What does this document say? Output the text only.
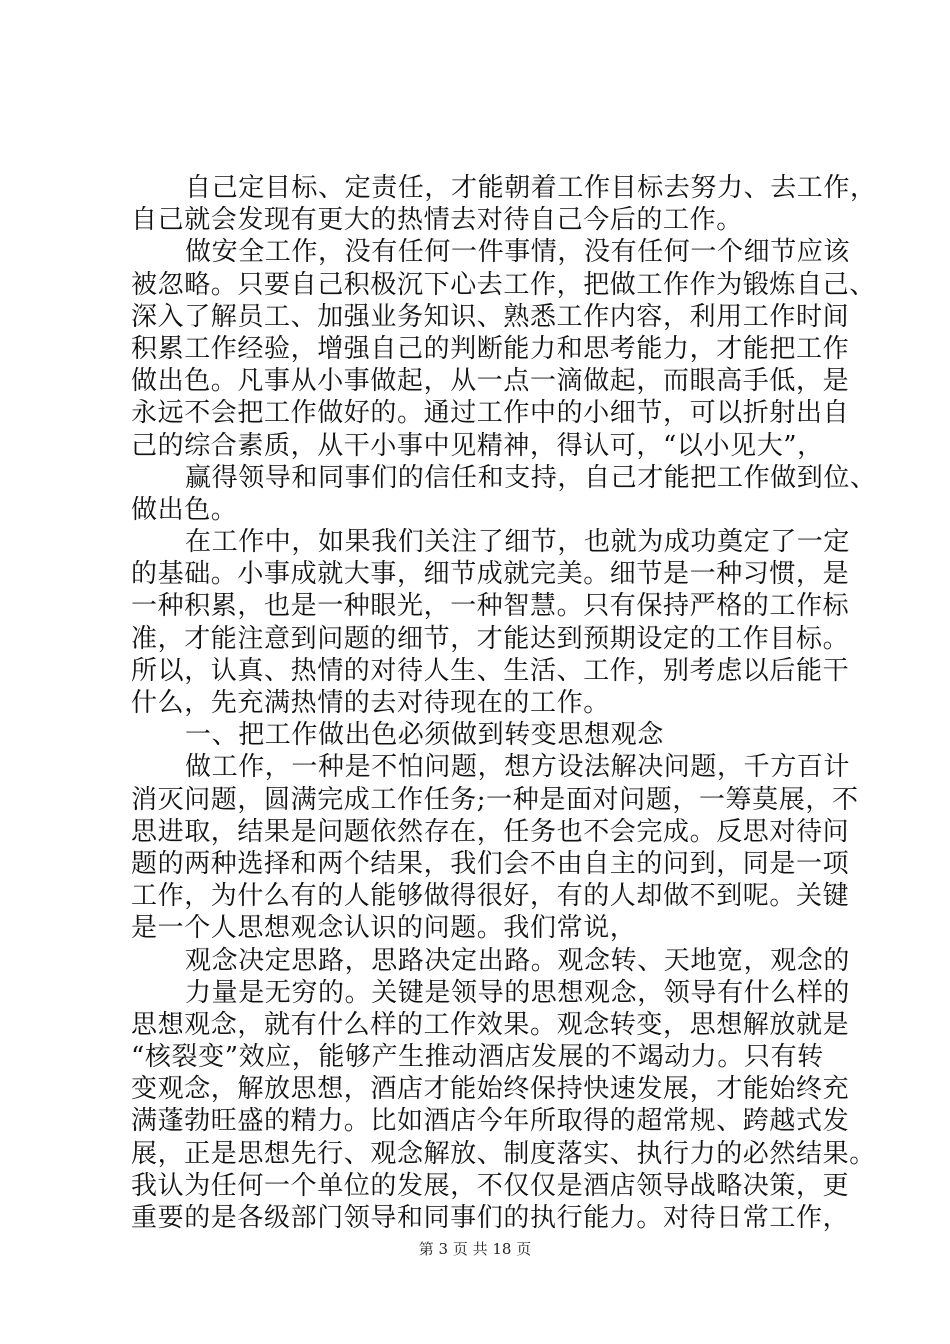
自己定目标、定责任，才能朝着工作目标去努力、去工作，
自己就会发现有更大的热情去对待自己今后的工作。
做安全工作，没有任何一件事情，没有任何一个细节应该
被忽略。只要自己积极沉下心去工作，把做工作作为锻炼自己、
深入了解员工、加强业务知识、熟悉工作内容，利用工作时间
积累工作经验，增强自己的判断能力和思考能力，才能把工作
做出色。凡事从小事做起，从一点一滴做起，而眼高手低，是
永远不会把工作做好的。通过工作中的小细节，可以折射出自
己的综合素质，从干小事中见精神，得认可，“以小见大”，
赢得领导和同事们的信任和支持，自己才能把工作做到位、
做出色。
在工作中，如果我们关注了细节，也就为成功奠定了一定
的基础。小事成就大事，细节成就完美。细节是一种习惯，是
一种积累，也是一种眼光，一种智慧。只有保持严格的工作标
准，才能注意到问题的细节，才能达到预期设定的工作目标。
所以，认真、热情的对待人生、生活、工作，别考虑以后能干
什么，先充满热情的去对待现在的工作。
一、把工作做出色必须做到转变思想观念
做工作，一种是不怕问题，想方设法解决问题，千方百计
消灭问题，圆满完成工作任务;一种是面对问题，一筹莫展，不
思进取，结果是问题依然存在，任务也不会完成。反思对待问
题的两种选择和两个结果，我们会不由自主的问到，同是一项
工作，为什么有的人能够做得很好，有的人却做不到呢。关键
是一个人思想观念认识的问题。我们常说，
观念决定思路，思路决定出路。观念转、天地宽，观念的
力量是无穷的。关键是领导的思想观念，领导有什么样的
思想观念，就有什么样的工作效果。观念转变，思想解放就是
“核裂变”效应，能够产生推动酒店发展的不竭动力。只有转
变观念，解放思想，酒店才能始终保持快速发展，才能始终充
满蓬勃旺盛的精力。比如酒店今年所取得的超常规、跨越式发
展，正是思想先行、观念解放、制度落实、执行力的必然结果。
我认为任何一个单位的发展，不仅仅是酒店领导战略决策，更
重要的是各级部门领导和同事们的执行能力。对待日常工作，
第 3 页 共 18 页
